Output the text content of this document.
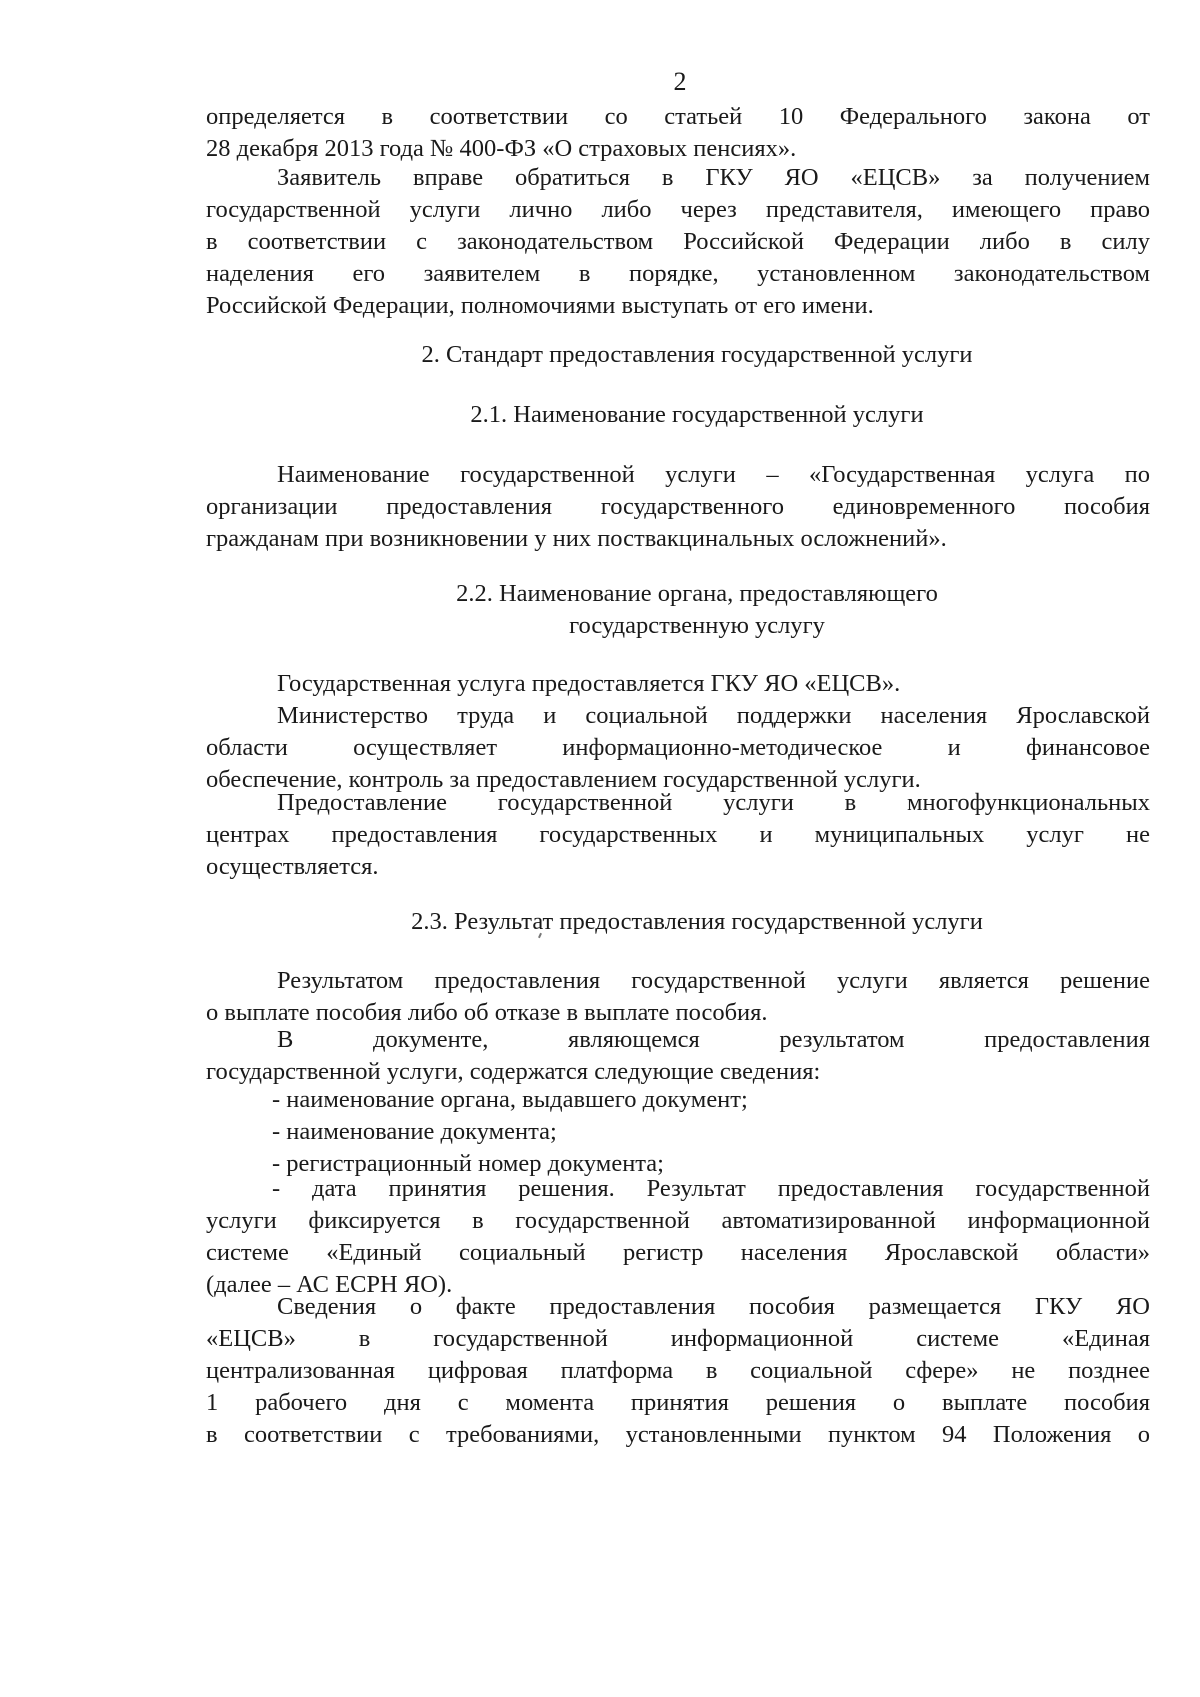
2
определяется в соответствии со статьей 10 Федерального закона от
28 декабря 2013 года № 400-ФЗ «О страховых пенсиях».
Заявитель вправе обратиться в ГКУ ЯО «ЕЦСВ» за получением
государственной услуги лично либо через представителя, имеющего право
в соответствии с законодательством Российской Федерации либо в силу
наделения его заявителем в порядке, установленном законодательством
Российской Федерации, полномочиями выступать от его имени.
2. Стандарт предоставления государственной услуги
2.1. Наименование государственной услуги
Наименование государственной услуги – «Государственная услуга по
организации предоставления государственного единовременного пособия
гражданам при возникновении у них поствакцинальных осложнений».
2.2. Наименование органа, предоставляющего
государственную услугу
Государственная услуга предоставляется ГКУ ЯО «ЕЦСВ».
Министерство труда и социальной поддержки населения Ярославской
области осуществляет информационно-методическое и финансовое
обеспечение, контроль за предоставлением государственной услуги.
Предоставление государственной услуги в многофункциональных
центрах предоставления государственных и муниципальных услуг не
осуществляется.
2.3. Результат предоставления государственной услуги
Результатом предоставления государственной услуги является решение
о выплате пособия либо об отказе в выплате пособия.
В документе, являющемся результатом предоставления
государственной услуги, содержатся следующие сведения:
- наименование органа, выдавшего документ;
- наименование документа;
- регистрационный номер документа;
- дата принятия решения. Результат предоставления государственной
услуги фиксируется в государственной автоматизированной информационной
системе «Единый социальный регистр населения Ярославской области»
(далее – АС ЕСРН ЯО).
Сведения о факте предоставления пособия размещается ГКУ ЯО
«ЕЦСВ» в государственной информационной системе «Единая
централизованная цифровая платформа в социальной сфере» не позднее
1 рабочего дня с момента принятия решения о выплате пособия
в соответствии с требованиями, установленными пунктом 94 Положения о
